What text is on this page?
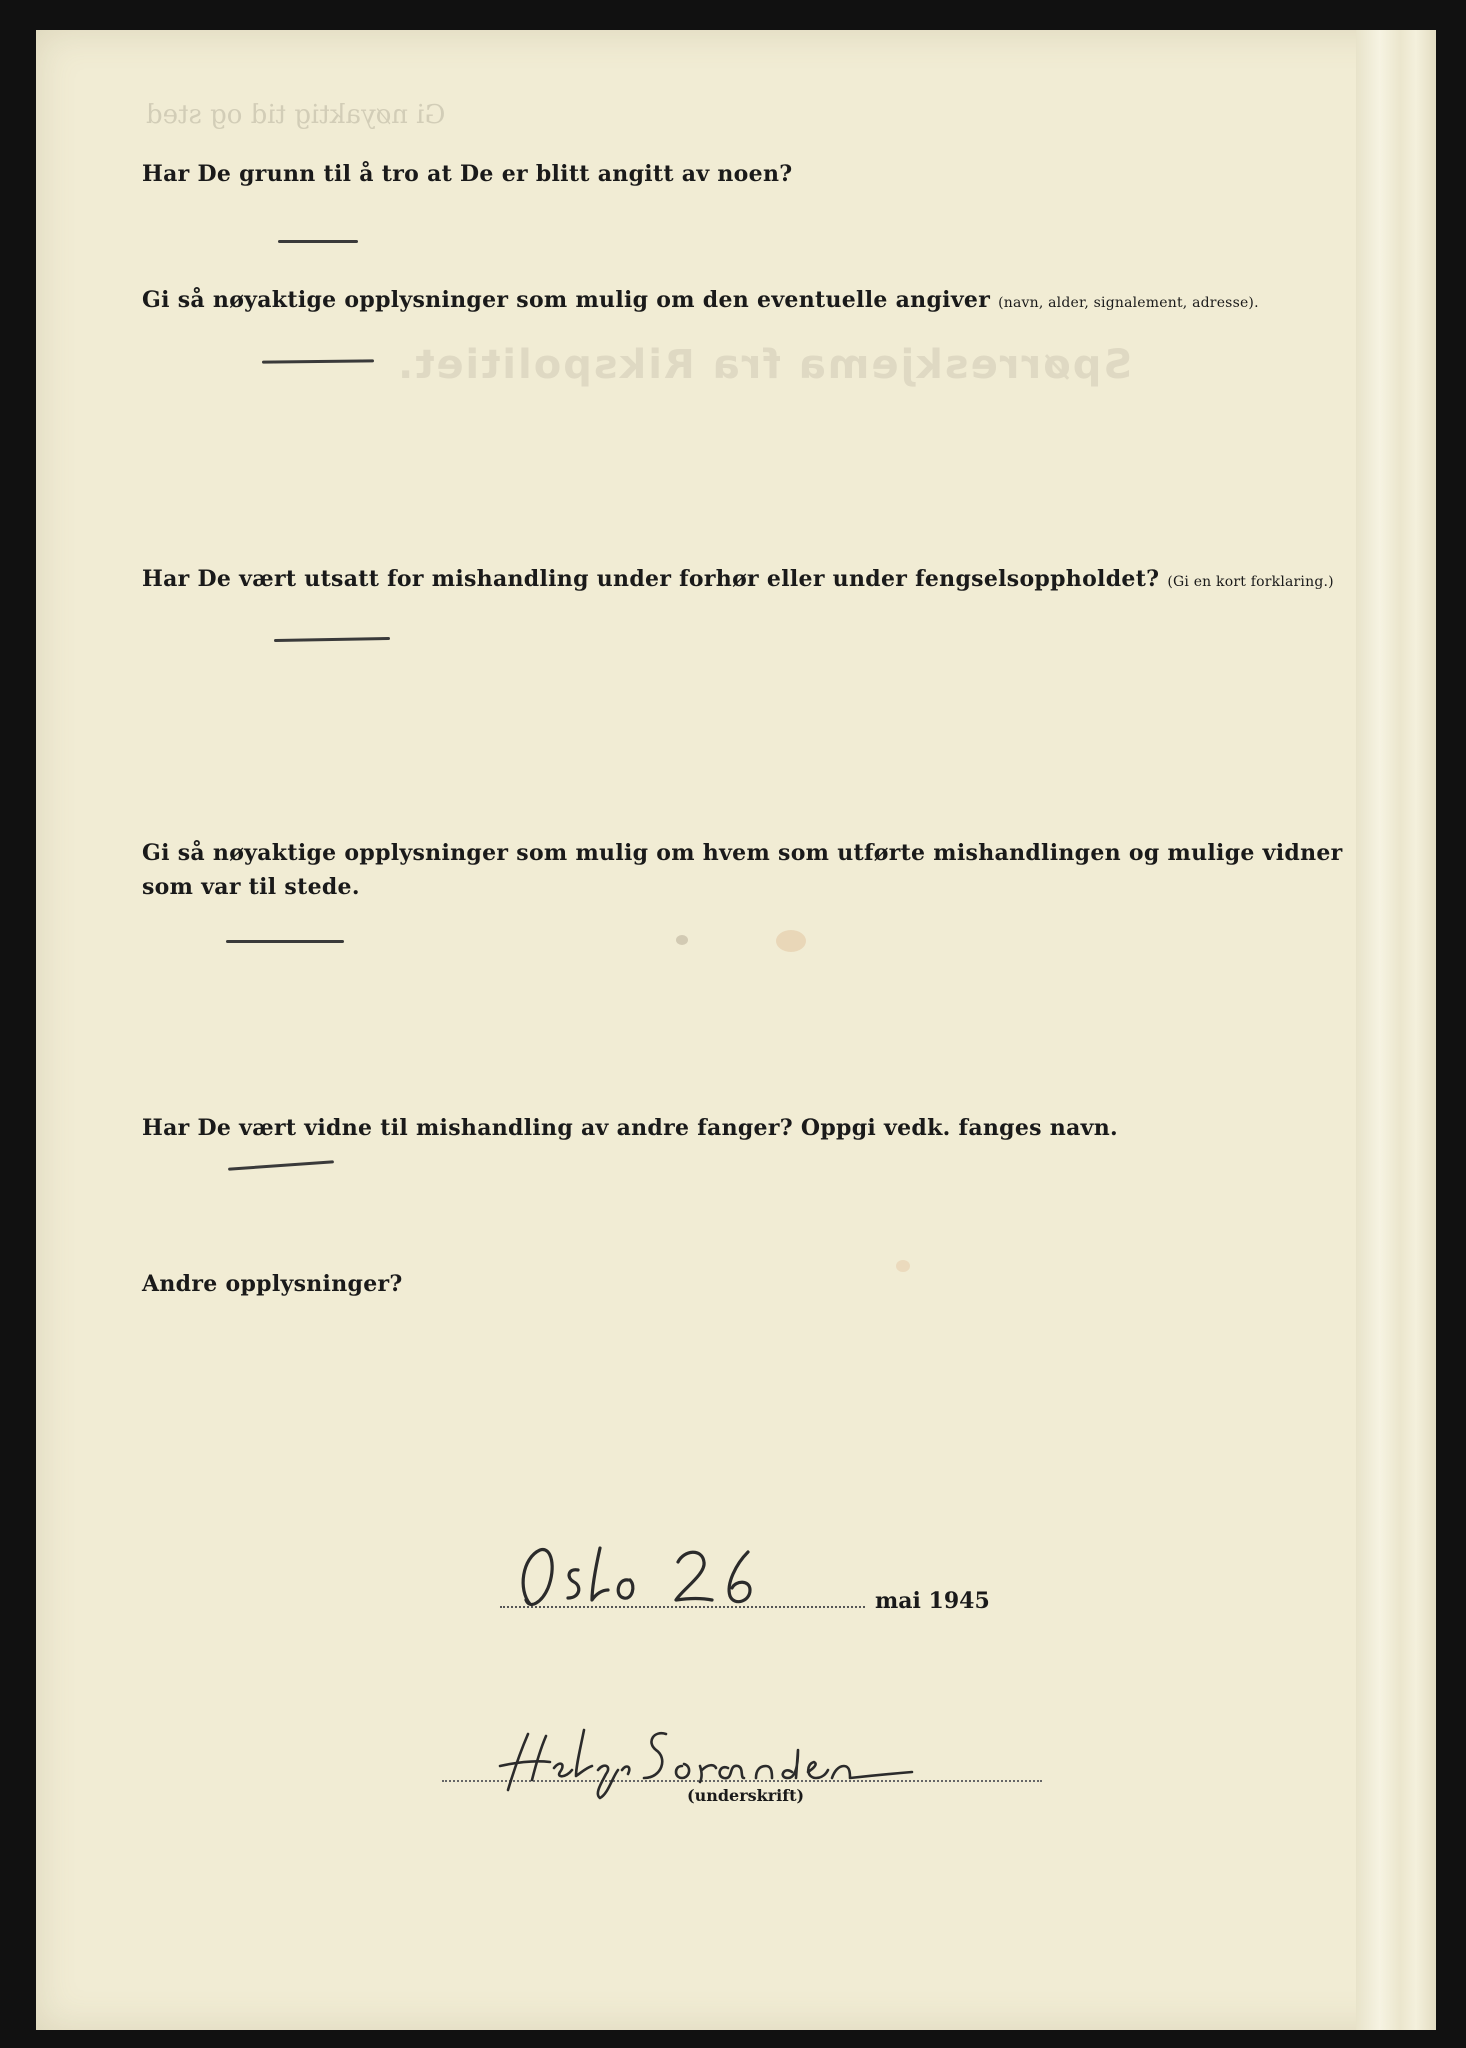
Gi nøyaktig tid og sted
Spørreskjema fra Rikspolitiet.

Har De grunn til å tro at De er blitt angitt av noen?

Gi så nøyaktige opplysninger som mulig om den eventuelle angiver (navn, alder, signalement, adresse).

Har De vært utsatt for mishandling under forhør eller under fengselsoppholdet? (Gi en kort forklaring.)

Gi så nøyaktige opplysninger som mulig om hvem som utførte mishandlingen og mulige vidner som var til stede.

Har De vært vidne til mishandling av andre fanger? Oppgi vedk. fanges navn.

Andre opplysninger?

mai 1945
(underskrift)
